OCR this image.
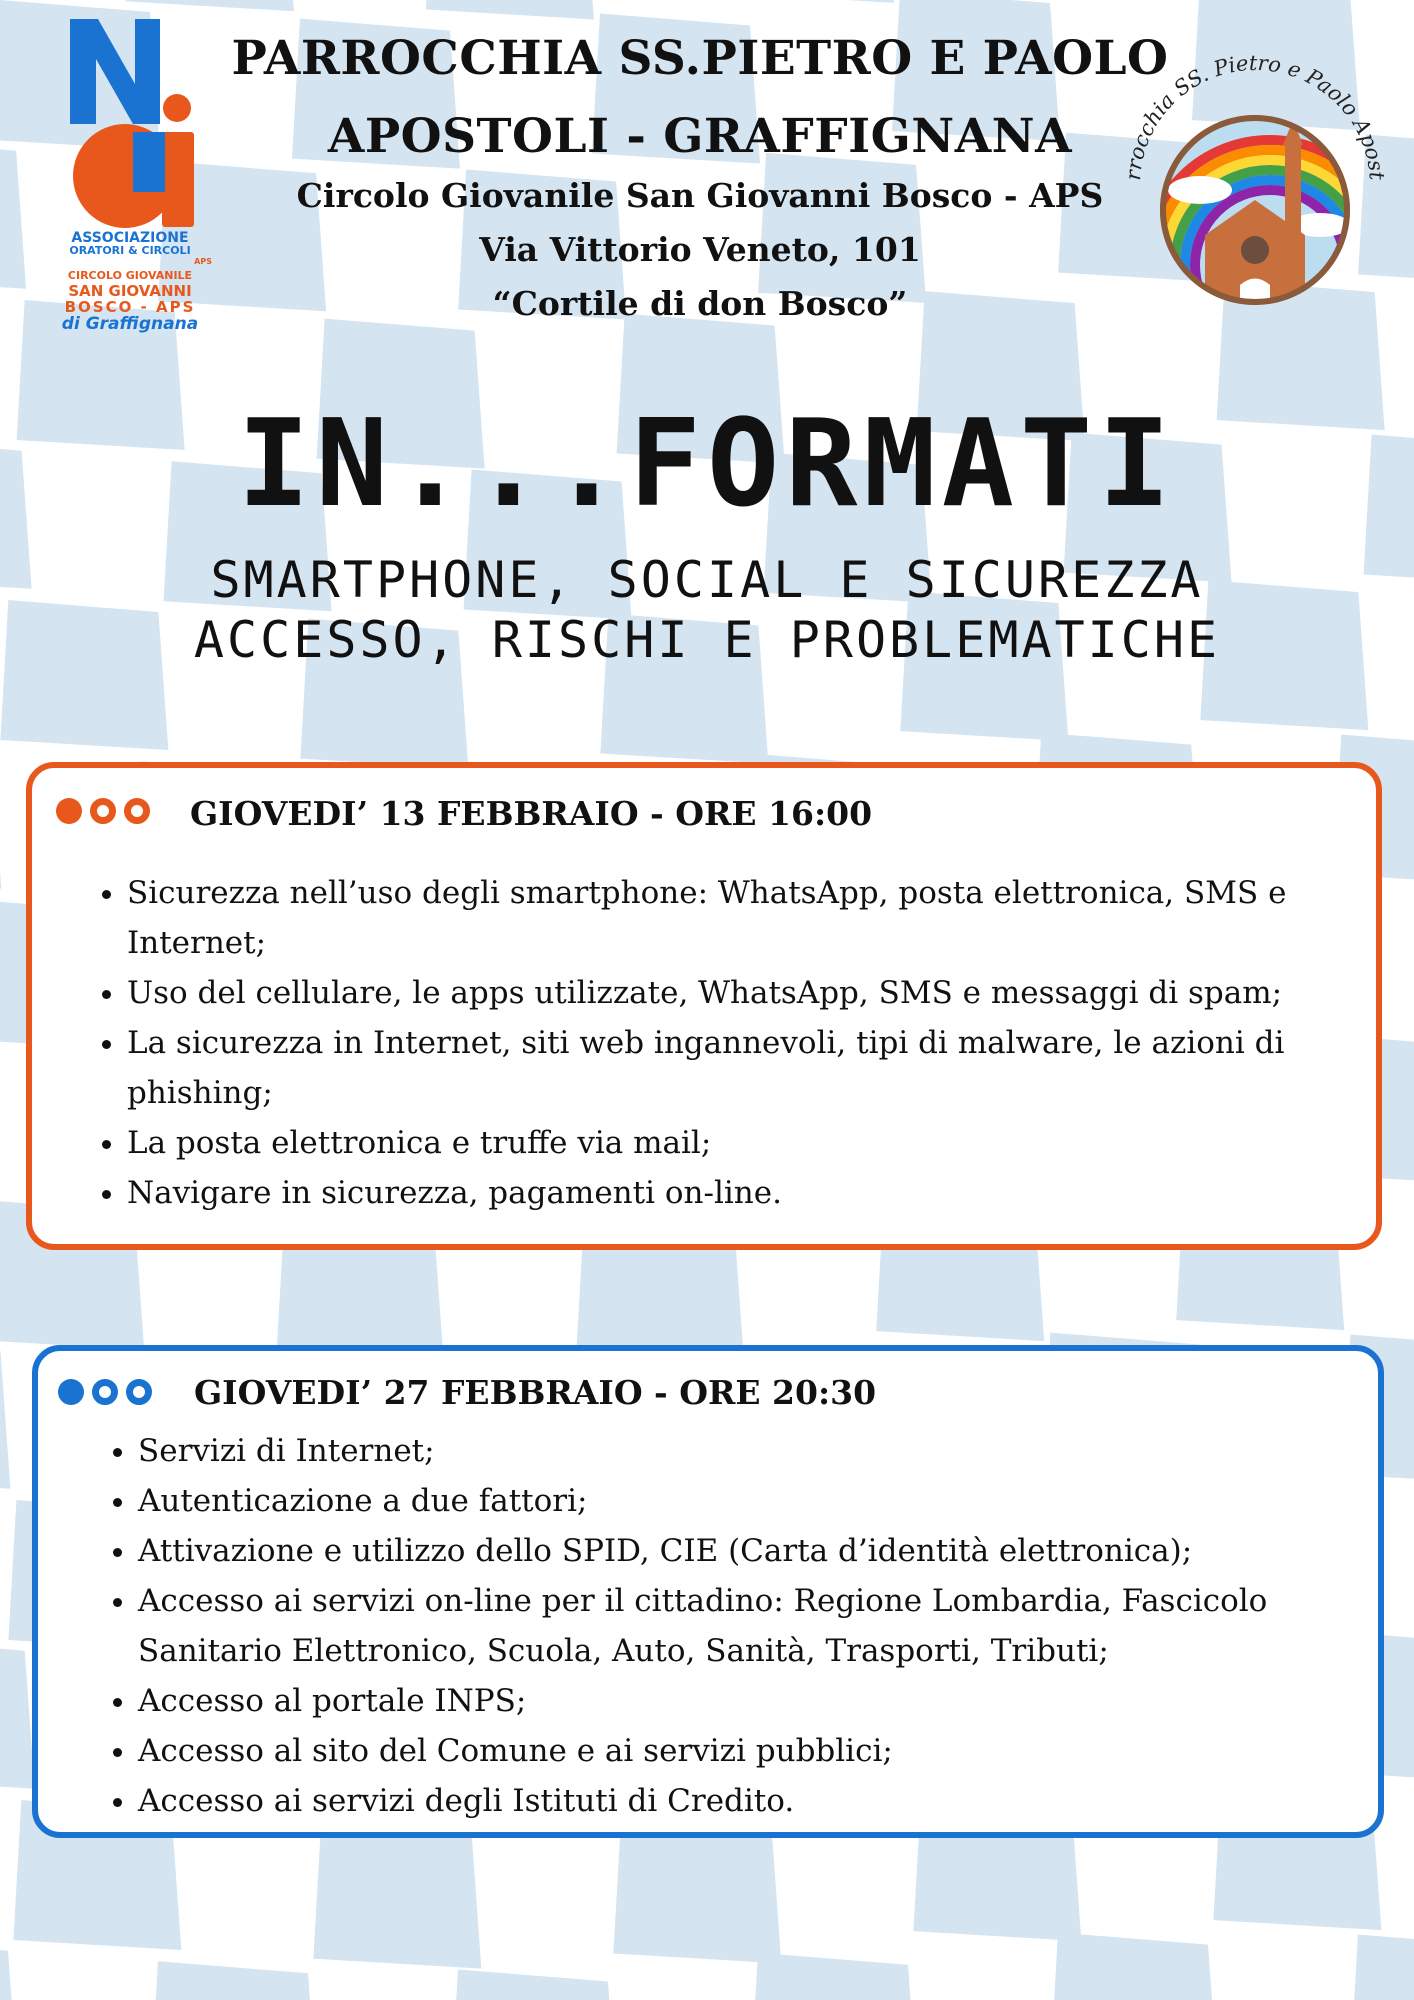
ASSOCIAZIONE
ORATORI & CIRCOLI
APS
CIRCOLO GIOVANILE
SAN GIOVANNI
BOSCO - APS
di Graffignana
PARROCCHIA SS.PIETRO E PAOLO
APOSTOLI - GRAFFIGNANA
Circolo Giovanile San Giovanni Bosco - APS
Via Vittorio Veneto, 101
“Cortile di don Bosco”
rrocchia SS. Pietro e Paolo Apost
IN...FORMATI
SMARTPHONE, SOCIAL E SICUREZZA
ACCESSO, RISCHI E PROBLEMATICHE
GIOVEDI’ 13 FEBBRAIO - ORE 16:00
• Sicurezza nell’uso degli smartphone: WhatsApp, posta elettronica, SMS e Internet;
• Uso del cellulare, le apps utilizzate, WhatsApp, SMS e messaggi di spam;
• La sicurezza in Internet, siti web ingannevoli, tipi di malware, le azioni di phishing;
• La posta elettronica e truffe via mail;
• Navigare in sicurezza, pagamenti on-line.
GIOVEDI’ 27 FEBBRAIO - ORE 20:30
• Servizi di Internet;
• Autenticazione a due fattori;
• Attivazione e utilizzo dello SPID, CIE (Carta d’identità elettronica);
• Accesso ai servizi on-line per il cittadino: Regione Lombardia, Fascicolo Sanitario Elettronico, Scuola, Auto, Sanità, Trasporti, Tributi;
• Accesso al portale INPS;
• Accesso al sito del Comune e ai servizi pubblici;
• Accesso ai servizi degli Istituti di Credito.
